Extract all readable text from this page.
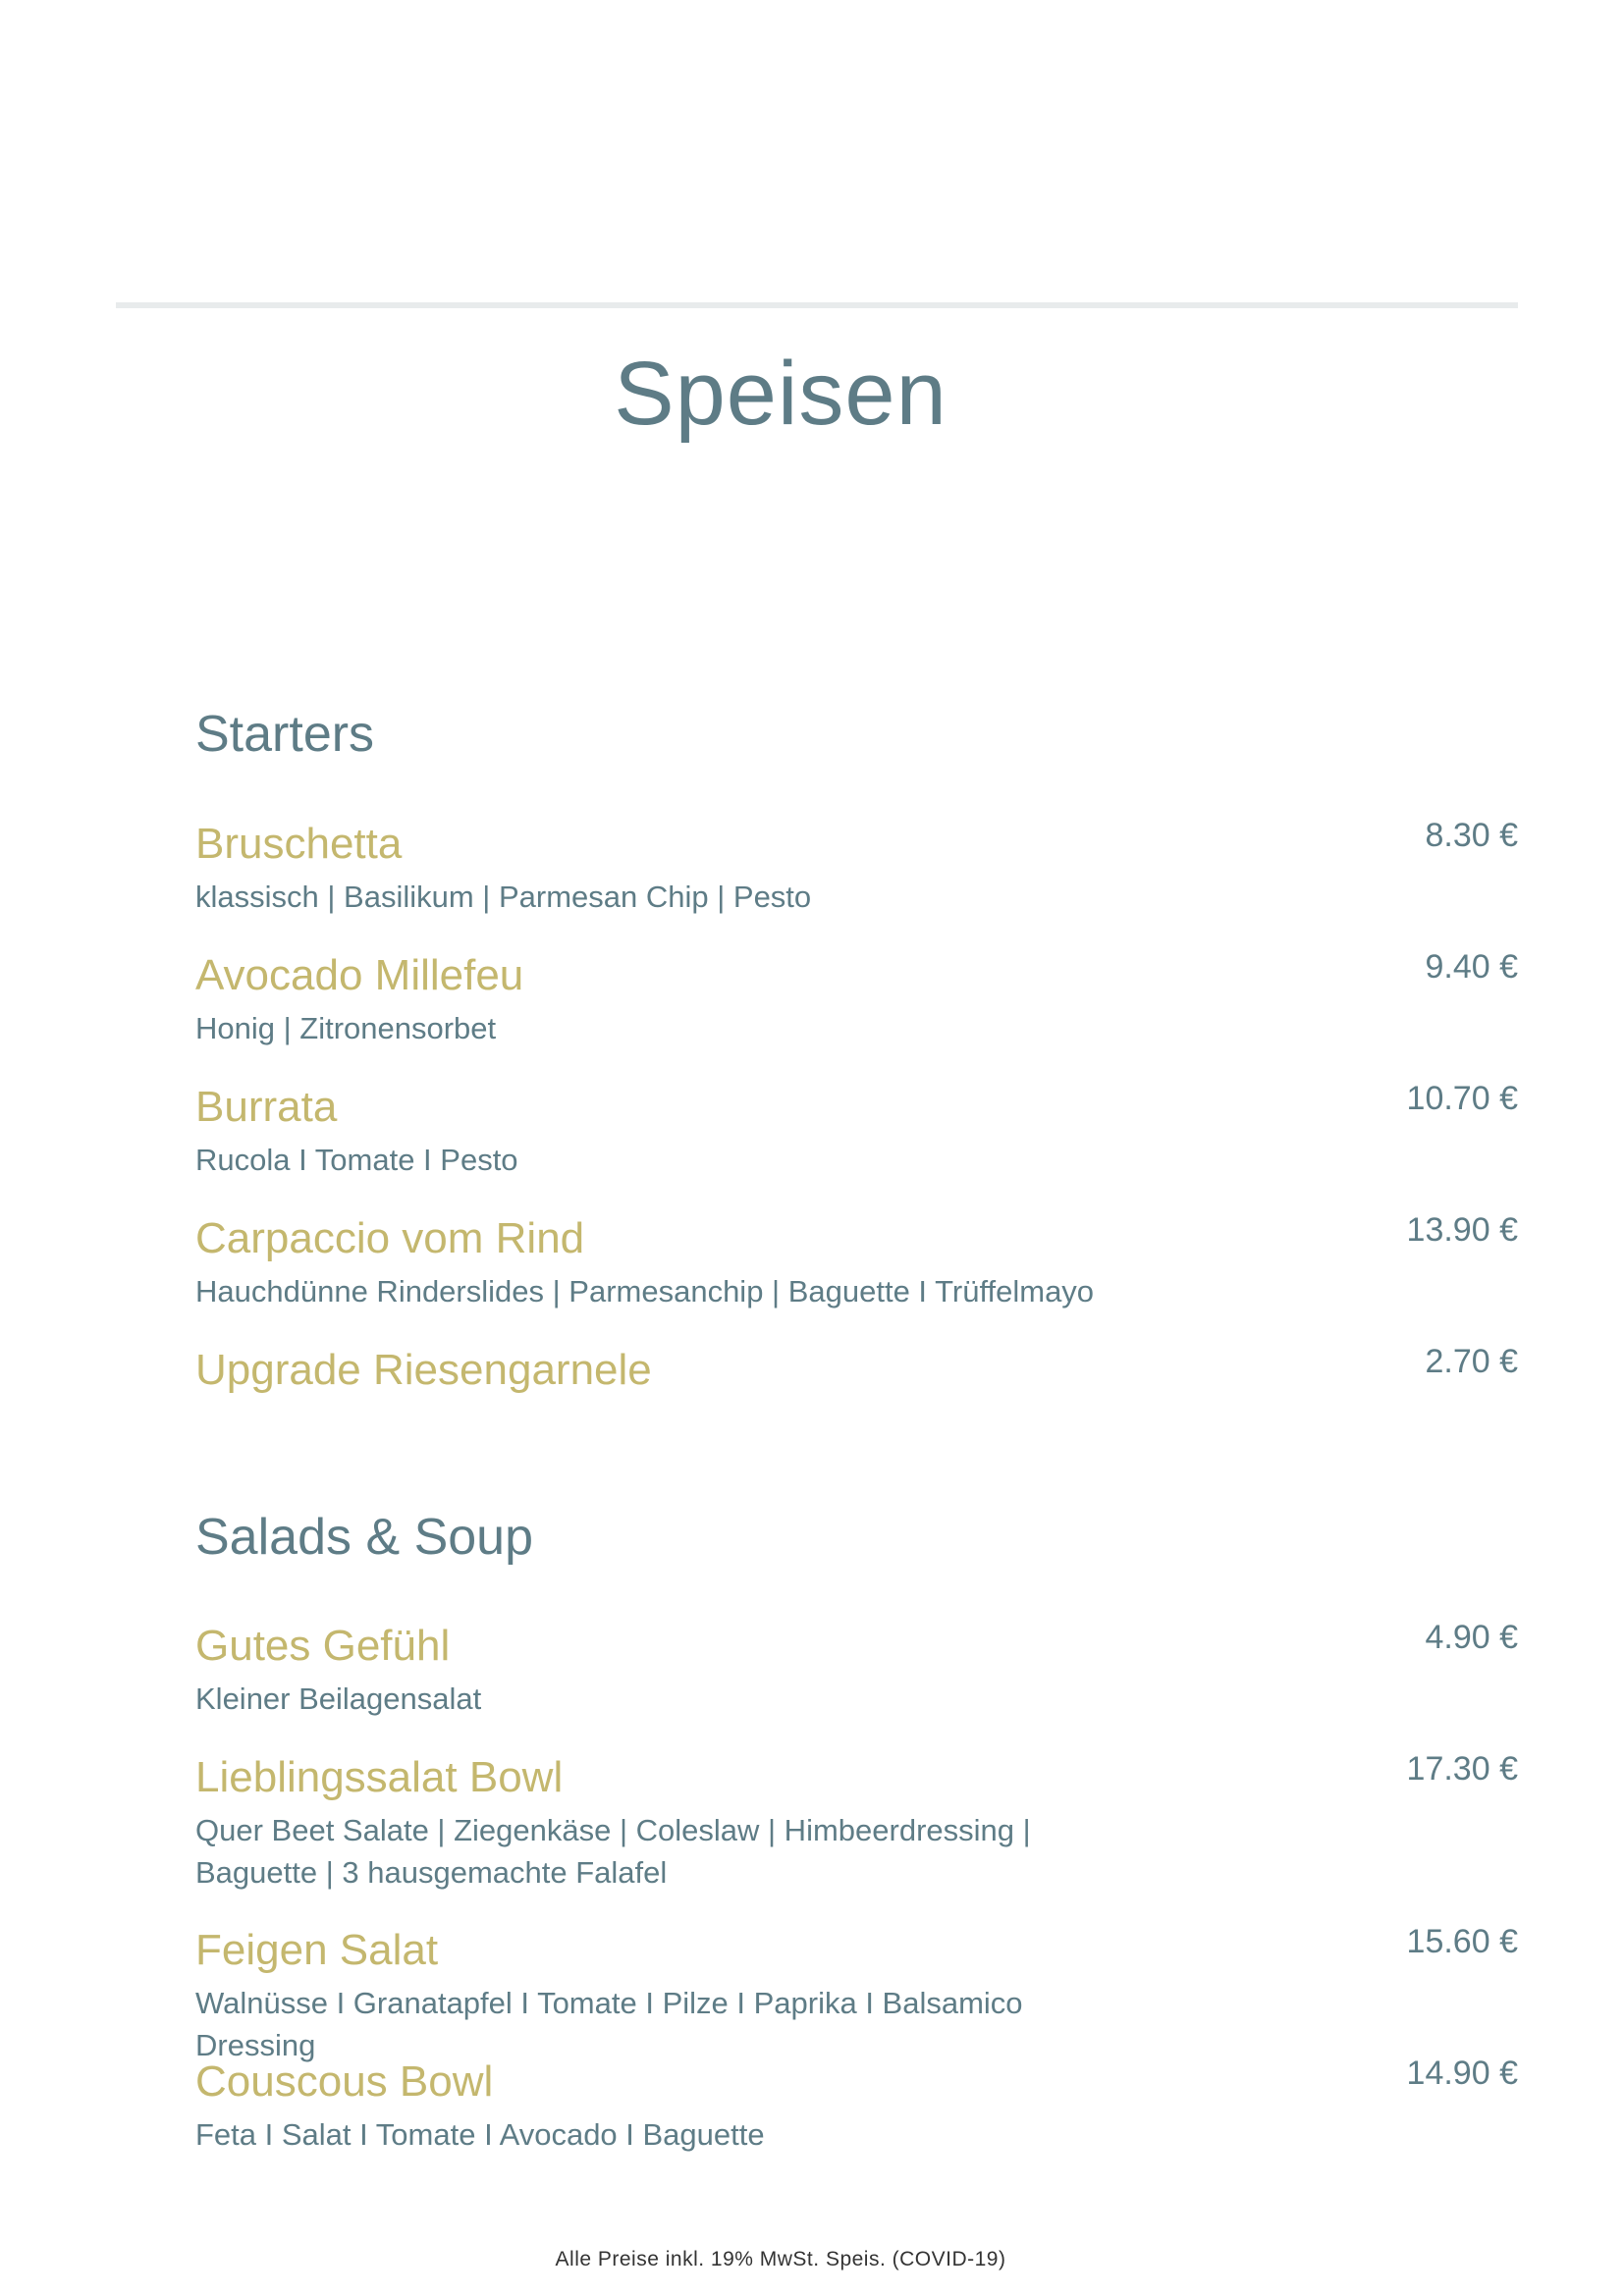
Speisen
Starters
Bruschetta
klassisch | Basilikum | Parmesan Chip | Pesto
8.30 €
Avocado Millefeu
Honig | Zitronensorbet
9.40 €
Burrata
Rucola I Tomate I Pesto
10.70 €
Carpaccio vom Rind
Hauchdünne Rinderslides | Parmesanchip | Baguette I Trüffelmayo
13.90 €
Upgrade Riesengarnele	2.70 €
Salads & Soup
Gutes Gefühl
Kleiner Beilagensalat
4.90 €
Lieblingssalat Bowl
Quer Beet Salate | Ziegenkäse | Coleslaw | Himbeerdressing | Baguette | 3 hausgemachte Falafel
17.30 €
Feigen Salat
Walnüsse I Granatapfel I Tomate I Pilze I Paprika I Balsamico Dressing
15.60 €
Couscous Bowl
Feta I Salat I Tomate I Avocado I Baguette
14.90 €
Alle Preise inkl. 19% MwSt. Speis. (COVID-19)
